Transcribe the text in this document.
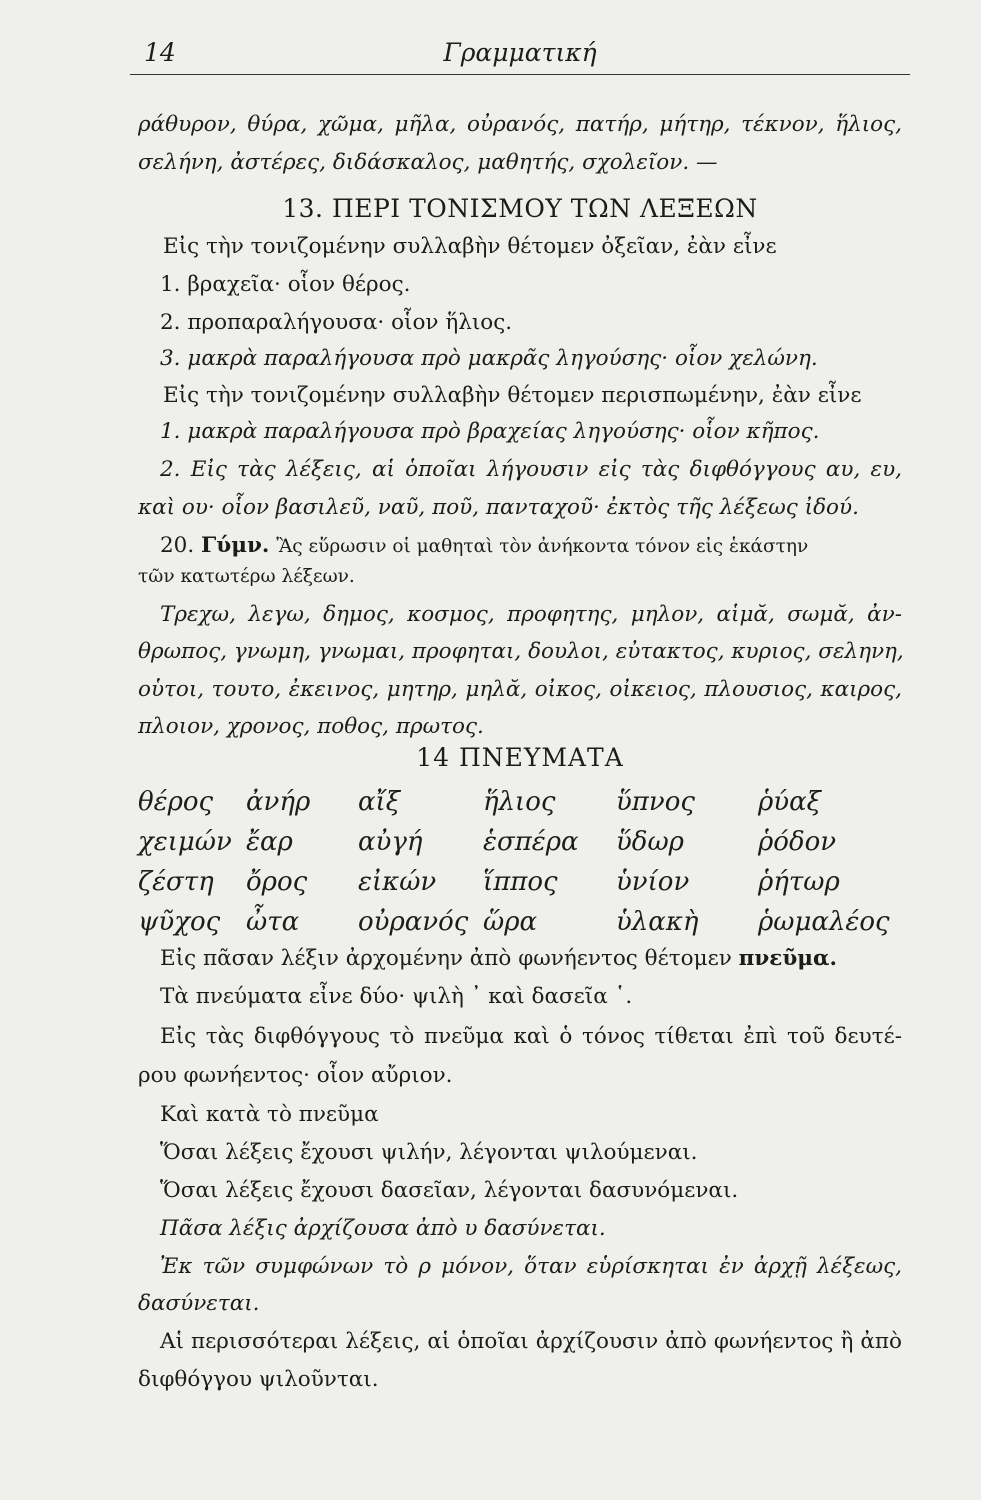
14	Γραμματική
ράθυρον, θύρα, χῶμα, μῆλα, οὐρανός, πατήρ, μήτηρ, τέκνον, ἥλιος,
σελήνη, ἀστέρες, διδάσκαλος, μαθητής, σχολεῖον. —
13. ΠΕΡΙ ΤΟΝΙΣΜΟΥ ΤΩΝ ΛΕΞΕΩΝ
Εἰς τὴν τονιζομένην συλλαβὴν θέτομεν ὀξεῖαν, ἐὰν εἶνε
1. βραχεῖα· οἷον θέρος.
2. προπαραλήγουσα· οἷον ἥλιος.
3. μακρὰ παραλήγουσα πρὸ μακρᾶς ληγούσης· οἷον χελώνη.
Εἰς τὴν τονιζομένην συλλαβὴν θέτομεν περισπωμένην, ἐὰν εἶνε
1. μακρὰ παραλήγουσα πρὸ βραχείας ληγούσης· οἷον κῆπος.
2. Εἰς τὰς λέξεις, αἱ ὁποῖαι λήγουσιν εἰς τὰς διφθόγγους αυ, ευ,
καὶ ου· οἷον βασιλεῦ, ναῦ, ποῦ, πανταχοῦ· ἐκτὸς τῆς λέξεως ἰδού.
20. Γύμν. Ἂς εὕρωσιν οἱ μαθηταὶ τὸν ἀνήκοντα τόνον εἰς ἑκάστην
τῶν κατωτέρω λέξεων.
Τρεχω, λεγω, δημος, κοσμος, προφητης, μηλον, αἱμᾰ, σωμᾰ, ἀν-
θρωπος, γνωμη, γνωμαι, προφηται, δουλοι, εὐτακτος, κυριος, σεληνη,
οὑτοι, τουτο, ἐκεινος, μητηρ, μηλᾰ, οἰκος, οἰκειος, πλουσιος, καιρος,
πλοιον, χρονος, ποθος, πρωτος.
14 ΠΝΕΥΜΑΤΑ
θέρος ἀνήρ αἴξ	ἥλιος ὕπνος ῥύαξ
χειμών ἔαρ	αὐγή ἑσπέρα ὕδωρ	ῥόδον
ζέστη ὄρος εἰκών ἵππος ὑνίον	ῥήτωρ
ψῦχος ὦτα οὐρανός ὥρα	ὑλακὴ ῥωμαλέος
Εἰς πᾶσαν λέξιν ἀρχομένην ἀπὸ φωνήεντος θέτομεν πνεῦμα.
Τὰ πνεύματα εἶνε δύο· ψιλὴ ᾿ καὶ δασεῖα ῾.
Εἰς τὰς διφθόγγους τὸ πνεῦμα καὶ ὁ τόνος τίθεται ἐπὶ τοῦ δευτέ-
ρου φωνήεντος· οἷον αὔριον.
Καὶ κατὰ τὸ πνεῦμα
Ὅσαι λέξεις ἔχουσι ψιλήν, λέγονται ψιλούμεναι.
Ὅσαι λέξεις ἔχουσι δασεῖαν, λέγονται δασυνόμεναι.
Πᾶσα λέξις ἀρχίζουσα ἀπὸ υ δασύνεται.
Ἐκ τῶν συμφώνων τὸ ρ μόνον, ὅταν εὑρίσκηται ἐν ἀρχῇ λέξεως,
δασύνεται.
Αἱ περισσότεραι λέξεις, αἱ ὁποῖαι ἀρχίζουσιν ἀπὸ φωνήεντος ἢ ἀπὸ
διφθόγγου ψιλοῦνται.
